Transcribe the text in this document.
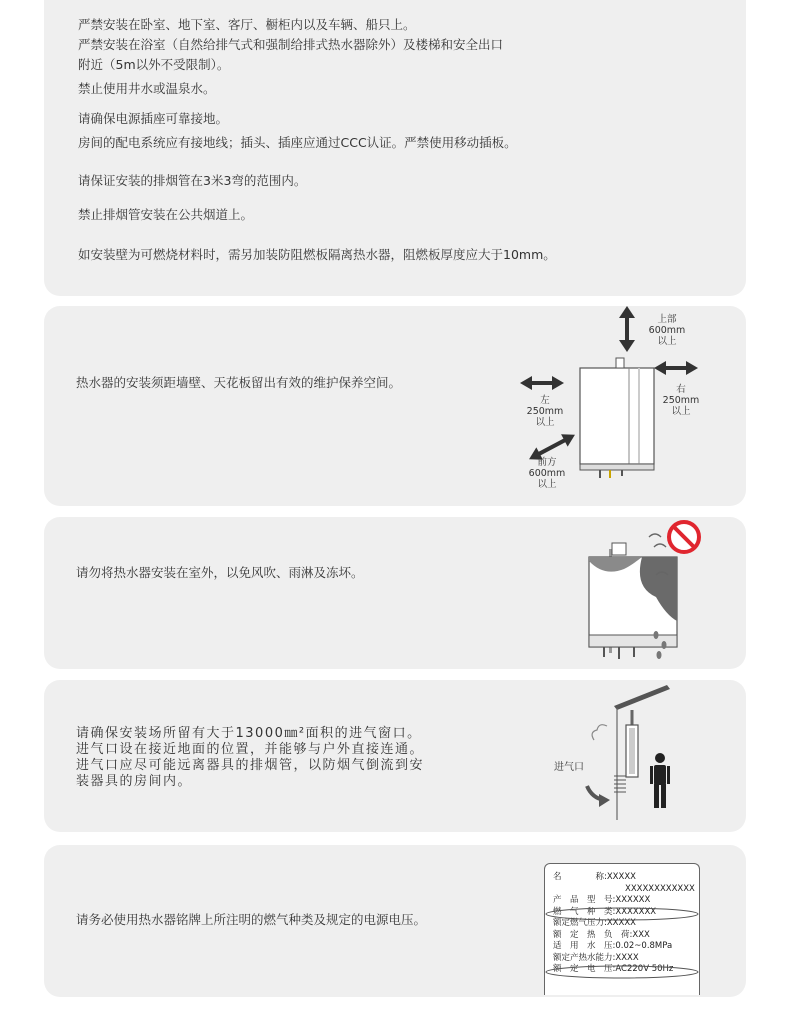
严禁安装在卧室、地下室、客厅、橱柜内以及车辆、船只上。
严禁安装在浴室（自然给排气式和强制给排式热水器除外）及楼梯和安全出口
附近（5m以外不受限制）。
禁止使用井水或温泉水。
请确保电源插座可靠接地。
房间的配电系统应有接地线；插头、插座应通过CCC认证。严禁使用移动插板。
请保证安装的排烟管在3米3弯的范围内。
禁止排烟管安装在公共烟道上。
如安装壁为可燃烧材料时，需另加装防阻燃板隔离热水器，阻燃板厚度应大于10mm。
热水器的安装须距墙壁、天花板留出有效的维护保养空间。
上部
600mm
以上
右
250mm
以上
左
250mm
以上
前方
600mm
以上
请勿将热水器安装在室外，以免风吹、雨淋及冻坏。
请确保安装场所留有大于13000㎜²面积的进气窗口。
进气口设在接近地面的位置，并能够与户外直接连通。
进气口应尽可能远离器具的排烟管，以防烟气倒流到安
装器具的房间内。
进气口
请务必使用热水器铭牌上所注明的燃气种类及规定的电源电压。
名　　　　称:XXXXX
XXXXXXXXXXXX
产　品　型　号:XXXXXX
燃　气　种　类:XXXXXXX
额定燃气压力:XXXXX
额　定　热　负　荷:XXX
适　用　水　压:0.02~0.8MPa
额定产热水能力:XXXX
额　定　电　压:AC220V 50Hz
